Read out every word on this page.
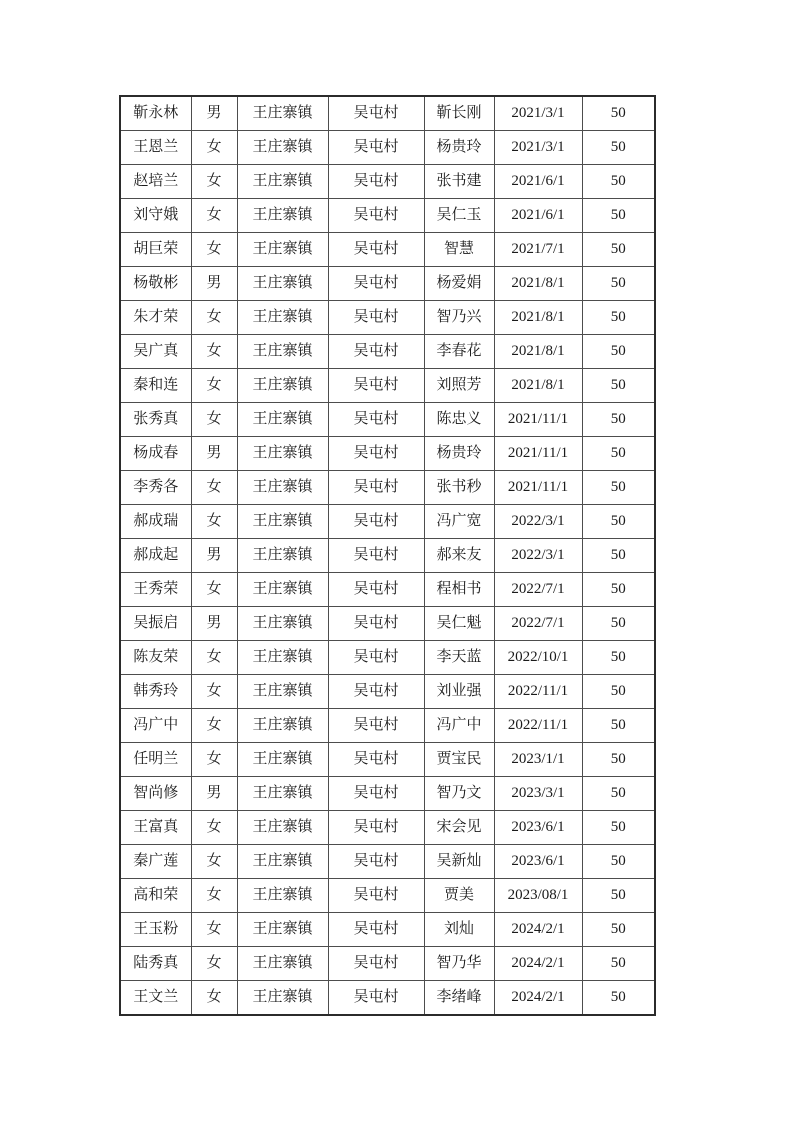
靳永林	男	王庄寨镇	吴屯村	靳长刚	2021/3/1	50
王恩兰	女	王庄寨镇	吴屯村	杨贵玲	2021/3/1	50
赵培兰	女	王庄寨镇	吴屯村	张书建	2021/6/1	50
刘守娥	女	王庄寨镇	吴屯村	吴仁玉	2021/6/1	50
胡巨荣	女	王庄寨镇	吴屯村	智慧	2021/7/1	50
杨敬彬	男	王庄寨镇	吴屯村	杨爱娟	2021/8/1	50
朱才荣	女	王庄寨镇	吴屯村	智乃兴	2021/8/1	50
吴广真	女	王庄寨镇	吴屯村	李春花	2021/8/1	50
秦和连	女	王庄寨镇	吴屯村	刘照芳	2021/8/1	50
张秀真	女	王庄寨镇	吴屯村	陈忠义	2021/11/1	50
杨成春	男	王庄寨镇	吴屯村	杨贵玲	2021/11/1	50
李秀各	女	王庄寨镇	吴屯村	张书秒	2021/11/1	50
郝成瑞	女	王庄寨镇	吴屯村	冯广宽	2022/3/1	50
郝成起	男	王庄寨镇	吴屯村	郝来友	2022/3/1	50
王秀荣	女	王庄寨镇	吴屯村	程相书	2022/7/1	50
吴振启	男	王庄寨镇	吴屯村	吴仁魁	2022/7/1	50
陈友荣	女	王庄寨镇	吴屯村	李天蓝	2022/10/1	50
韩秀玲	女	王庄寨镇	吴屯村	刘业强	2022/11/1	50
冯广中	女	王庄寨镇	吴屯村	冯广中	2022/11/1	50
任明兰	女	王庄寨镇	吴屯村	贾宝民	2023/1/1	50
智尚修	男	王庄寨镇	吴屯村	智乃文	2023/3/1	50
王富真	女	王庄寨镇	吴屯村	宋会见	2023/6/1	50
秦广莲	女	王庄寨镇	吴屯村	吴新灿	2023/6/1	50
高和荣	女	王庄寨镇	吴屯村	贾美	2023/08/1	50
王玉粉	女	王庄寨镇	吴屯村	刘灿	2024/2/1	50
陆秀真	女	王庄寨镇	吴屯村	智乃华	2024/2/1	50
王文兰	女	王庄寨镇	吴屯村	李绪峰	2024/2/1	50
